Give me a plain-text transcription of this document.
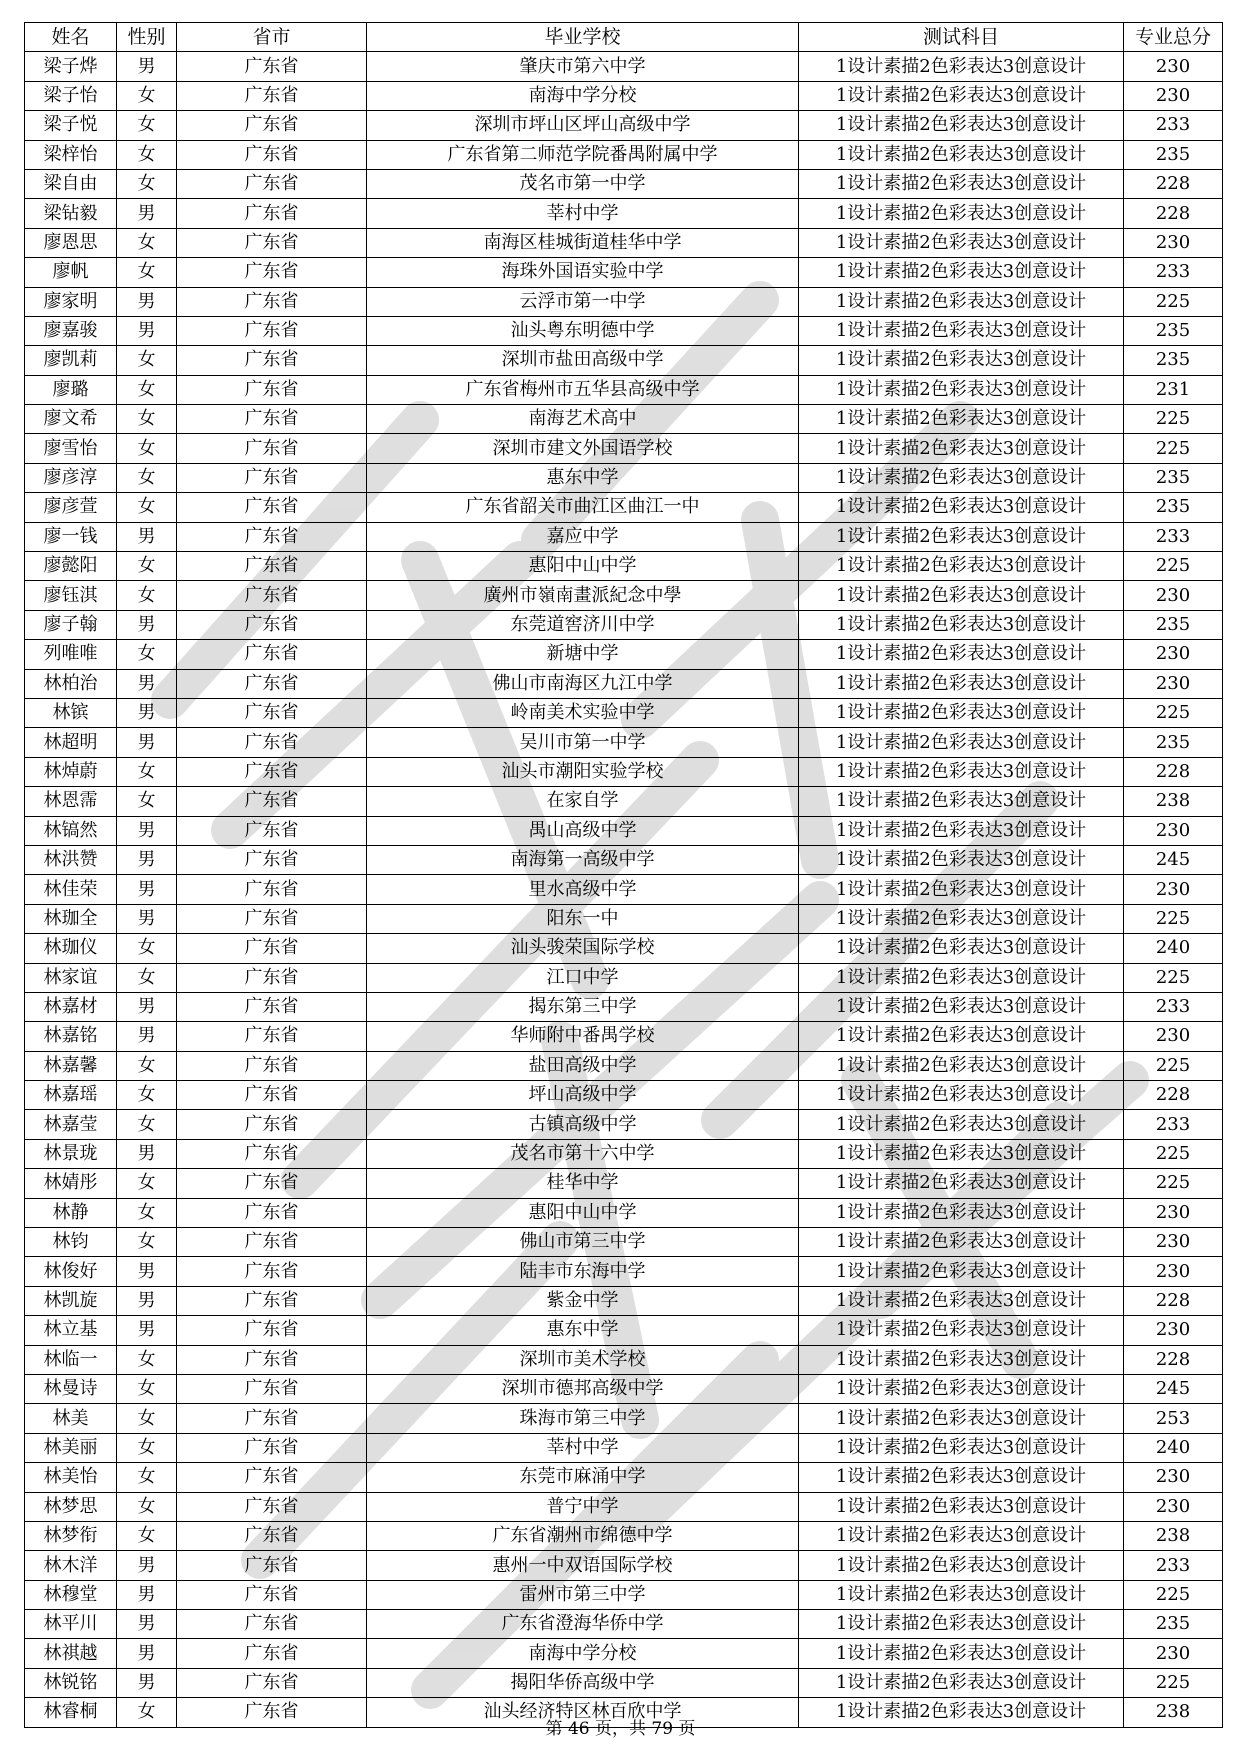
姓名	性别	省市	毕业学校	测试科目	专业总分
梁子烨	男	广东省	肇庆市第六中学	1设计素描2色彩表达3创意设计	230
梁子怡	女	广东省	南海中学分校	1设计素描2色彩表达3创意设计	230
梁子悦	女	广东省	深圳市坪山区坪山高级中学	1设计素描2色彩表达3创意设计	233
梁梓怡	女	广东省	广东省第二师范学院番禺附属中学	1设计素描2色彩表达3创意设计	235
梁自由	女	广东省	茂名市第一中学	1设计素描2色彩表达3创意设计	228
梁钻毅	男	广东省	莘村中学	1设计素描2色彩表达3创意设计	228
廖恩思	女	广东省	南海区桂城街道桂华中学	1设计素描2色彩表达3创意设计	230
廖帆	女	广东省	海珠外国语实验中学	1设计素描2色彩表达3创意设计	233
廖家明	男	广东省	云浮市第一中学	1设计素描2色彩表达3创意设计	225
廖嘉骏	男	广东省	汕头粤东明德中学	1设计素描2色彩表达3创意设计	235
廖凯莉	女	广东省	深圳市盐田高级中学	1设计素描2色彩表达3创意设计	235
廖璐	女	广东省	广东省梅州市五华县高级中学	1设计素描2色彩表达3创意设计	231
廖文希	女	广东省	南海艺术高中	1设计素描2色彩表达3创意设计	225
廖雪怡	女	广东省	深圳市建文外国语学校	1设计素描2色彩表达3创意设计	225
廖彦淳	女	广东省	惠东中学	1设计素描2色彩表达3创意设计	235
廖彦萱	女	广东省	广东省韶关市曲江区曲江一中	1设计素描2色彩表达3创意设计	235
廖一钱	男	广东省	嘉应中学	1设计素描2色彩表达3创意设计	233
廖懿阳	女	广东省	惠阳中山中学	1设计素描2色彩表达3创意设计	225
廖钰淇	女	广东省	廣州市嶺南畫派紀念中學	1设计素描2色彩表达3创意设计	230
廖子翰	男	广东省	东莞道窖济川中学	1设计素描2色彩表达3创意设计	235
列唯唯	女	广东省	新塘中学	1设计素描2色彩表达3创意设计	230
林柏治	男	广东省	佛山市南海区九江中学	1设计素描2色彩表达3创意设计	230
林镔	男	广东省	岭南美术实验中学	1设计素描2色彩表达3创意设计	225
林超明	男	广东省	吴川市第一中学	1设计素描2色彩表达3创意设计	235
林焯蔚	女	广东省	汕头市潮阳实验学校	1设计素描2色彩表达3创意设计	228
林恩霈	女	广东省	在家自学	1设计素描2色彩表达3创意设计	238
林镐然	男	广东省	禺山高级中学	1设计素描2色彩表达3创意设计	230
林洪赞	男	广东省	南海第一高级中学	1设计素描2色彩表达3创意设计	245
林佳荣	男	广东省	里水高级中学	1设计素描2色彩表达3创意设计	230
林珈全	男	广东省	阳东一中	1设计素描2色彩表达3创意设计	225
林珈仪	女	广东省	汕头骏荣国际学校	1设计素描2色彩表达3创意设计	240
林家谊	女	广东省	江口中学	1设计素描2色彩表达3创意设计	225
林嘉材	男	广东省	揭东第三中学	1设计素描2色彩表达3创意设计	233
林嘉铭	男	广东省	华师附中番禺学校	1设计素描2色彩表达3创意设计	230
林嘉馨	女	广东省	盐田高级中学	1设计素描2色彩表达3创意设计	225
林嘉瑶	女	广东省	坪山高级中学	1设计素描2色彩表达3创意设计	228
林嘉莹	女	广东省	古镇高级中学	1设计素描2色彩表达3创意设计	233
林景珑	男	广东省	茂名市第十六中学	1设计素描2色彩表达3创意设计	225
林婧彤	女	广东省	桂华中学	1设计素描2色彩表达3创意设计	225
林静	女	广东省	惠阳中山中学	1设计素描2色彩表达3创意设计	230
林钧	女	广东省	佛山市第三中学	1设计素描2色彩表达3创意设计	230
林俊好	男	广东省	陆丰市东海中学	1设计素描2色彩表达3创意设计	230
林凯旋	男	广东省	紫金中学	1设计素描2色彩表达3创意设计	228
林立基	男	广东省	惠东中学	1设计素描2色彩表达3创意设计	230
林临一	女	广东省	深圳市美术学校	1设计素描2色彩表达3创意设计	228
林曼诗	女	广东省	深圳市德邦高级中学	1设计素描2色彩表达3创意设计	245
林美	女	广东省	珠海市第三中学	1设计素描2色彩表达3创意设计	253
林美丽	女	广东省	莘村中学	1设计素描2色彩表达3创意设计	240
林美怡	女	广东省	东莞市麻涌中学	1设计素描2色彩表达3创意设计	230
林梦思	女	广东省	普宁中学	1设计素描2色彩表达3创意设计	230
林梦衔	女	广东省	广东省潮州市绵德中学	1设计素描2色彩表达3创意设计	238
林木洋	男	广东省	惠州一中双语国际学校	1设计素描2色彩表达3创意设计	233
林穆堂	男	广东省	雷州市第三中学	1设计素描2色彩表达3创意设计	225
林平川	男	广东省	广东省澄海华侨中学	1设计素描2色彩表达3创意设计	235
林祺越	男	广东省	南海中学分校	1设计素描2色彩表达3创意设计	230
林锐铭	男	广东省	揭阳华侨高级中学	1设计素描2色彩表达3创意设计	225
林睿桐	女	广东省	汕头经济特区林百欣中学	1设计素描2色彩表达3创意设计	238
第 46 页，共 79 页
